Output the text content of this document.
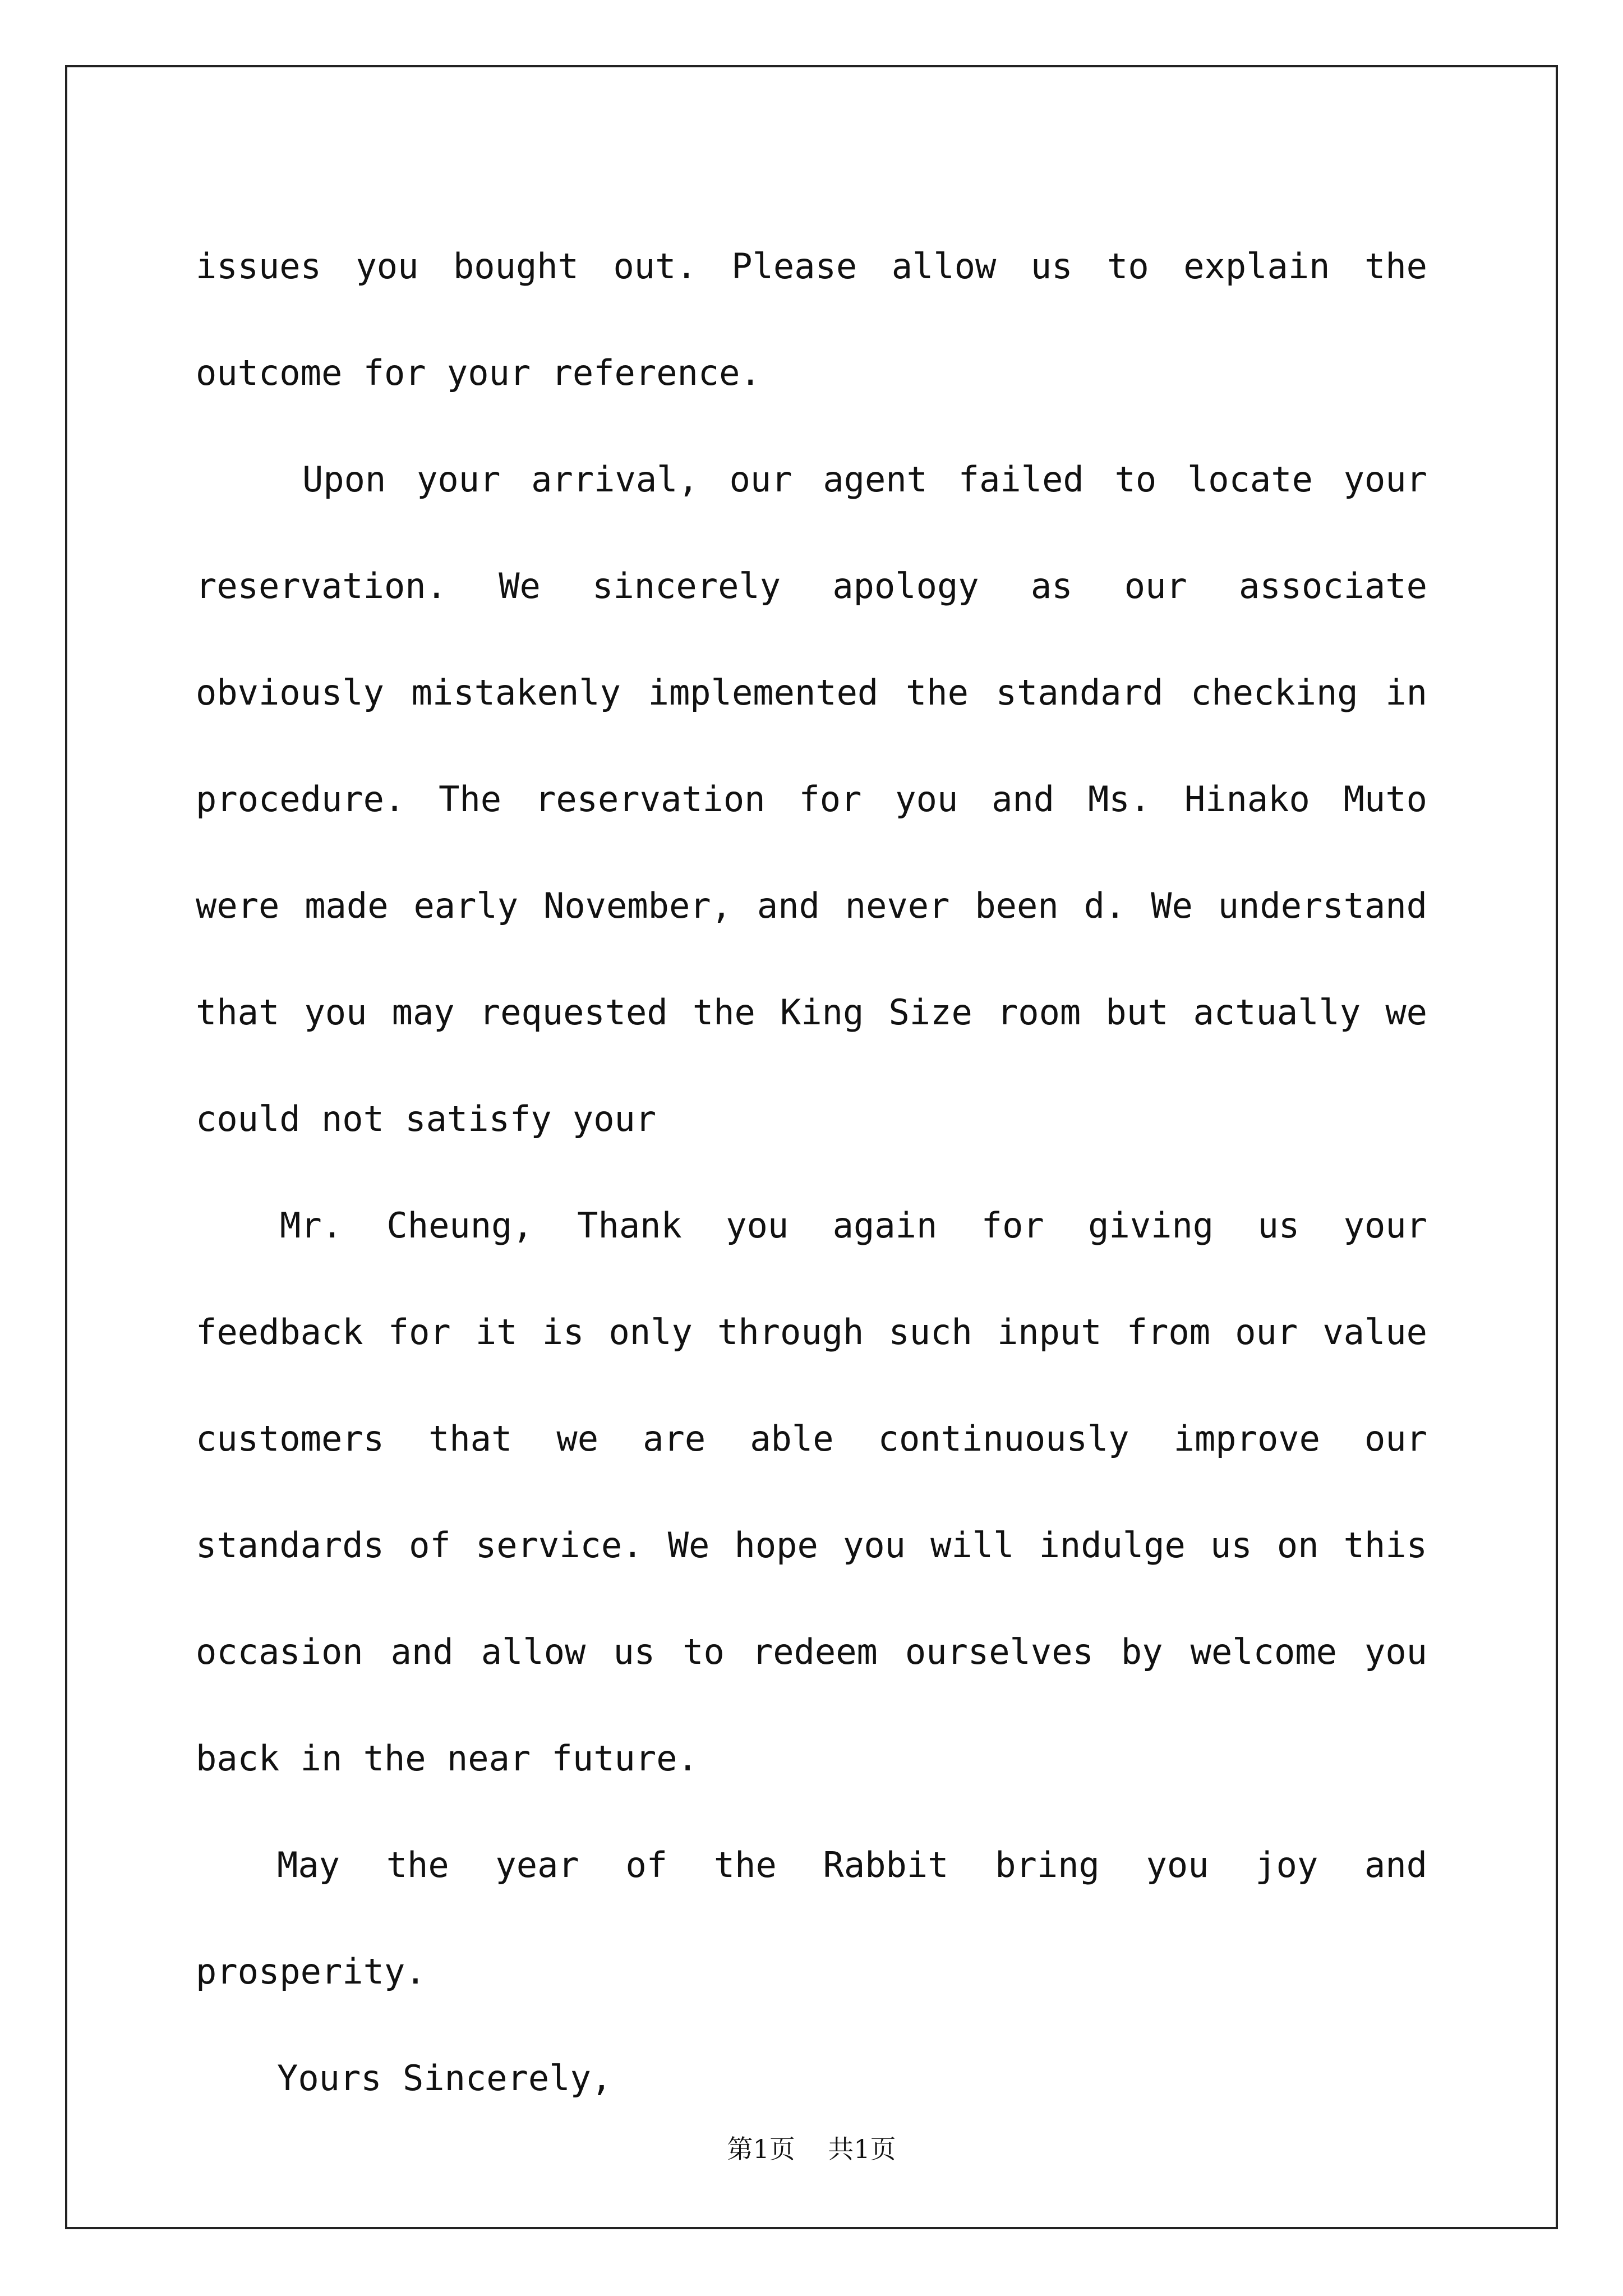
issues you bought out. Please allow us to explain the outcome for your reference.

Upon your arrival, our agent failed to locate your reservation. We sincerely apology as our associate obviously mistakenly implemented the standard checking in procedure. The reservation for you and Ms. Hinako Muto were made early November, and never been d. We understand that you may requested the King Size room but actually we could not satisfy your

Mr. Cheung, Thank you again for giving us your feedback for it is only through such input from our value customers that we are able continuously improve our standards of service. We hope you will indulge us on this occasion and allow us to redeem ourselves by welcome you back in the near future.

May the year of the Rabbit bring you joy and prosperity.

Yours Sincerely,

第1页 共1页
